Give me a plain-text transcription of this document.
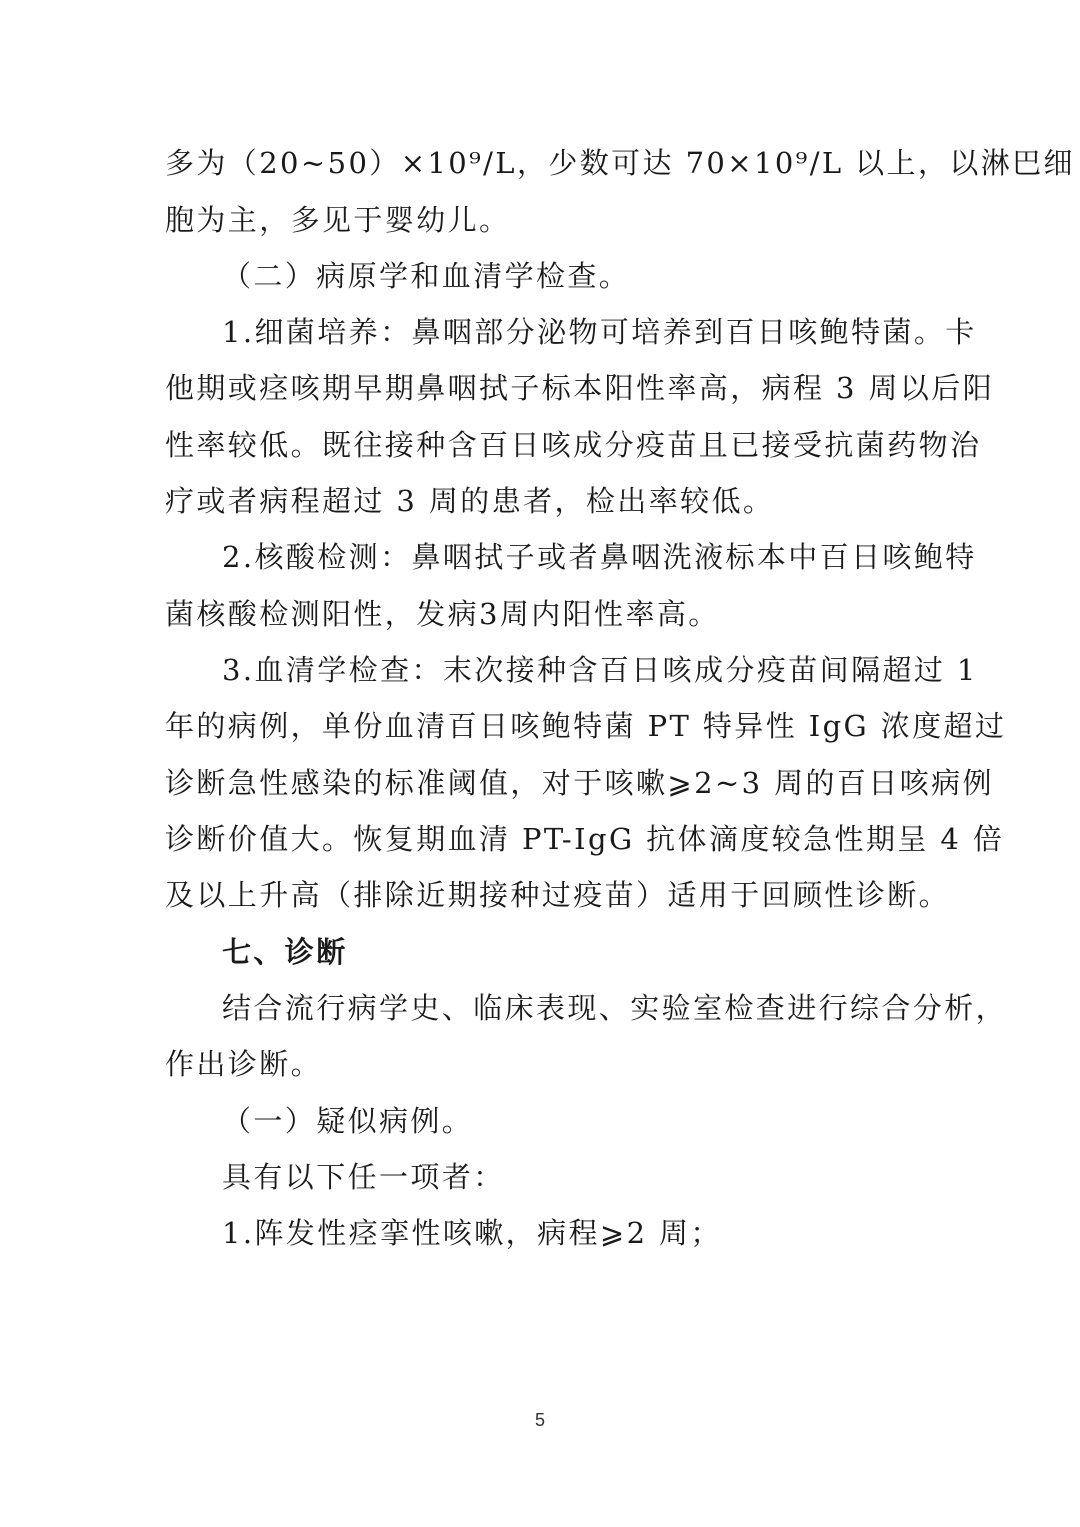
多为（20~50）×10⁹/L，少数可达 70×10⁹/L 以上，以淋巴细
胞为主，多见于婴幼儿。
（二）病原学和血清学检查。
1.细菌培养：鼻咽部分泌物可培养到百日咳鲍特菌。卡
他期或痉咳期早期鼻咽拭子标本阳性率高，病程 3 周以后阳
性率较低。既往接种含百日咳成分疫苗且已接受抗菌药物治
疗或者病程超过 3 周的患者，检出率较低。
2.核酸检测：鼻咽拭子或者鼻咽洗液标本中百日咳鲍特
菌核酸检测阳性，发病3周内阳性率高。
3.血清学检查：末次接种含百日咳成分疫苗间隔超过 1
年的病例，单份血清百日咳鲍特菌 PT 特异性 IgG 浓度超过
诊断急性感染的标准阈值，对于咳嗽⩾2~3 周的百日咳病例
诊断价值大。恢复期血清 PT-IgG 抗体滴度较急性期呈 4 倍
及以上升高（排除近期接种过疫苗）适用于回顾性诊断。
七、诊断
结合流行病学史、临床表现、实验室检查进行综合分析，
作出诊断。
（一）疑似病例。
具有以下任一项者：
1.阵发性痉挛性咳嗽，病程⩾2 周；
5
